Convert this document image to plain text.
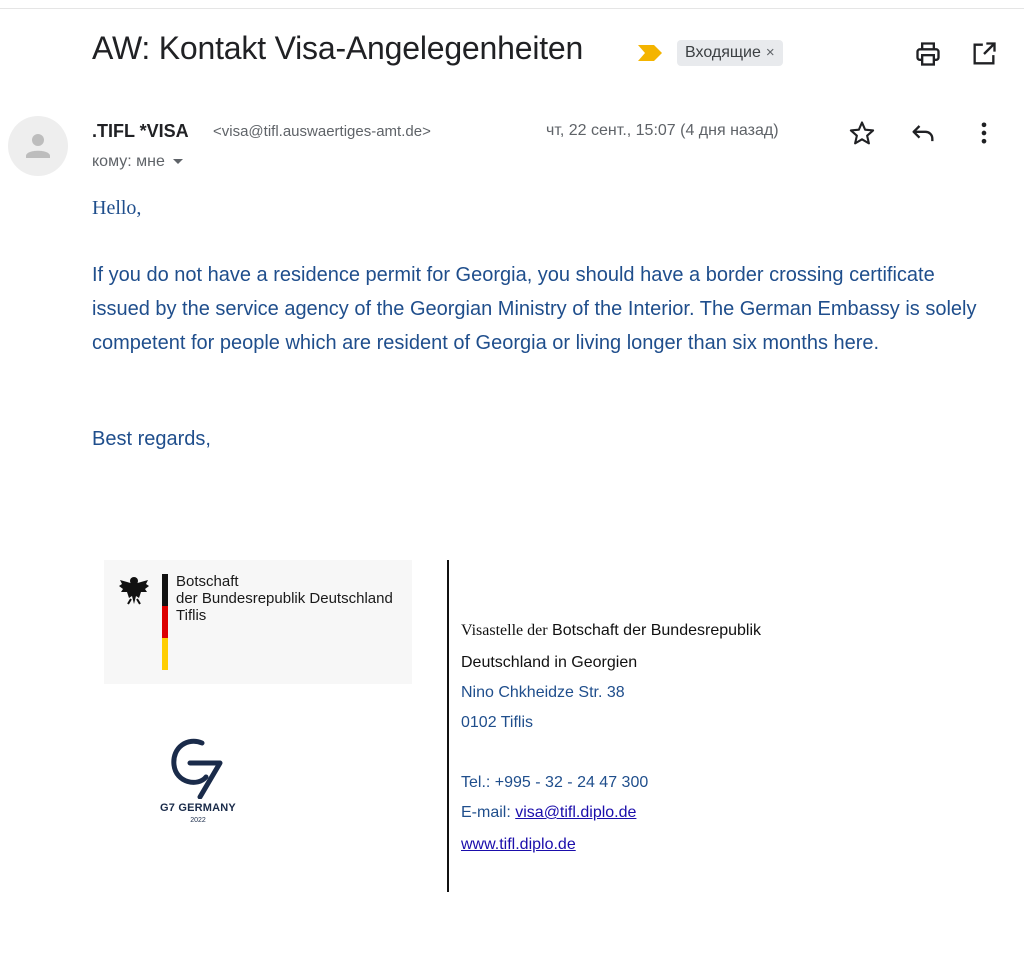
AW: Kontakt Visa-Angelegenheiten	Входящие ×
.TIFL *VISA <visa@tifl.auswaertiges-amt.de>	чт, 22 сент., 15:07 (4 дня назад)
кому: мне
Hello,
If you do not have a residence permit for Georgia, you should have a border crossing certificate issued by the service agency of the Georgian Ministry of the Interior. The German Embassy is solely competent for people which are resident of Georgia or living longer than six months here.
Best regards,
Botschaft
der Bundesrepublik Deutschland
Tiflis
G7 GERMANY
2022
Visastelle der Botschaft der Bundesrepublik
Deutschland in Georgien
Nino Chkheidze Str. 38
0102 Tiflis
Tel.: +995 - 32 - 24 47 300
E-mail: visa@tifl.diplo.de
www.tifl.diplo.de
